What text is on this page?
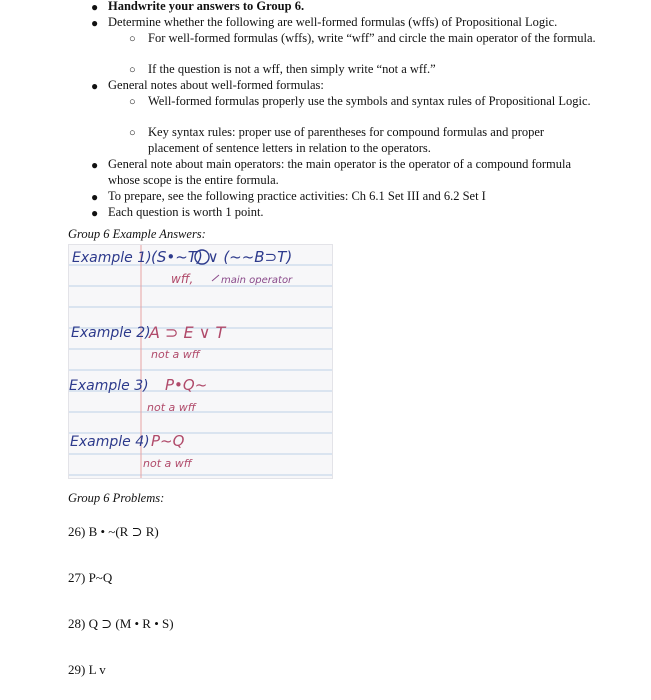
● Handwrite your answers to Group 6.
● Determine whether the following are well-formed formulas (wffs) of Propositional Logic.
○ For well-formed formulas (wffs), write “wff” and circle the main operator of the formula.
○ If the question is not a wff, then simply write “not a wff.”
● General notes about well-formed formulas:
○ Well-formed formulas properly use the symbols and syntax rules of Propositional Logic.
○ Key syntax rules: proper use of parentheses for compound formulas and proper placement of sentence letters in relation to the operators.
● General note about main operators: the main operator is the operator of a compound formula whose scope is the entire formula.
● To prepare, see the following practice activities: Ch 6.1 Set III and 6.2 Set I
● Each question is worth 1 point.
Group 6 Example Answers:
Example 1) (S•~T) ∨ (~~B⊃T)
wff,	main operator
Example 2)
A ⊃ E ∨ T
not a wff
Example 3) P•Q~
not a wff
Example 4) P~Q
not a wff
Group 6 Problems:
26) B • ~(R ⊃ R)
27) P~Q
28) Q ⊃ (M • R • S)
29) L v
